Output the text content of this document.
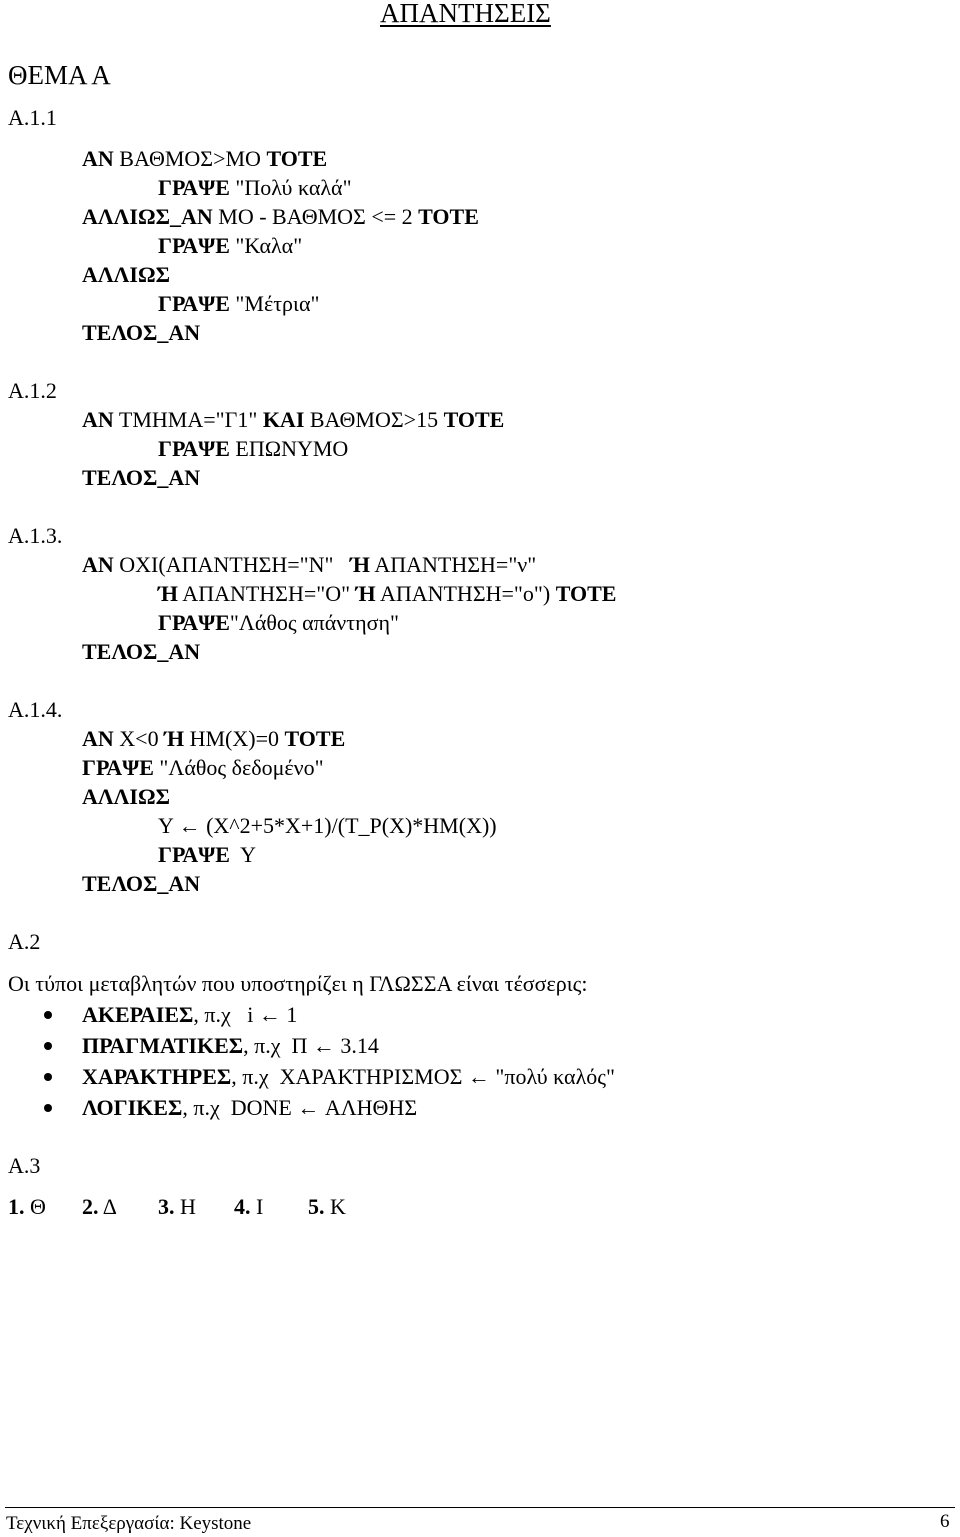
ΑΠΑΝΤΗΣΕΙΣ
ΘΕΜΑ Α
Α.1.1
ΑΝ ΒΑΘΜΟΣ>ΜΟ ΤΟΤΕ
ΓΡΑΨΕ "Πολύ καλά"
ΑΛΛΙΩΣ_ΑΝ ΜΟ - ΒΑΘΜΟΣ <= 2 ΤΟΤΕ
ΓΡΑΨΕ "Καλα"
ΑΛΛΙΩΣ
ΓΡΑΨΕ "Μέτρια"
ΤΕΛΟΣ_ΑΝ
Α.1.2
ΑΝ ΤΜΗΜΑ="Γ1" ΚΑΙ ΒΑΘΜΟΣ>15 ΤΟΤΕ
ΓΡΑΨΕ ΕΠΩΝΥΜΟ
ΤΕΛΟΣ_ΑΝ
Α.1.3.
ΑΝ ΟΧΙ(ΑΠΑΝΤΗΣΗ="Ν"   Ή ΑΠΑΝΤΗΣΗ="ν"
Ή ΑΠΑΝΤΗΣΗ="Ο" Ή ΑΠΑΝΤΗΣΗ="ο") ΤΟΤΕ
ΓΡΑΨΕ"Λάθος απάντηση"
ΤΕΛΟΣ_ΑΝ
Α.1.4.
ΑΝ Χ<0 Ή ΗΜ(Χ)=0 ΤΟΤΕ
ΓΡΑΨΕ "Λάθος δεδομένο"
ΑΛΛΙΩΣ
Υ ← (Χ^2+5*Χ+1)/(Τ_Ρ(Χ)*ΗΜ(Χ))
ΓΡΑΨΕ  Υ
ΤΕΛΟΣ_ΑΝ
Α.2
Οι τύποι μεταβλητών που υποστηρίζει η ΓΛΩΣΣΑ είναι τέσσερις:
ΑΚΕΡΑΙΕΣ, π.χ   i ← 1
ΠΡΑΓΜΑΤΙΚΕΣ, π.χ  Π ← 3.14
ΧΑΡΑΚΤΗΡΕΣ, π.χ  ΧΑΡΑΚΤΗΡΙΣΜΟΣ ← "πολύ καλός"
ΛΟΓΙΚΕΣ, π.χ  DONE ← ΑΛΗΘΗΣ
Α.3
1. Θ 2. Δ 3. Η 4. Ι 5. Κ
Τεχνική Επεξεργασία: Keystone	6
